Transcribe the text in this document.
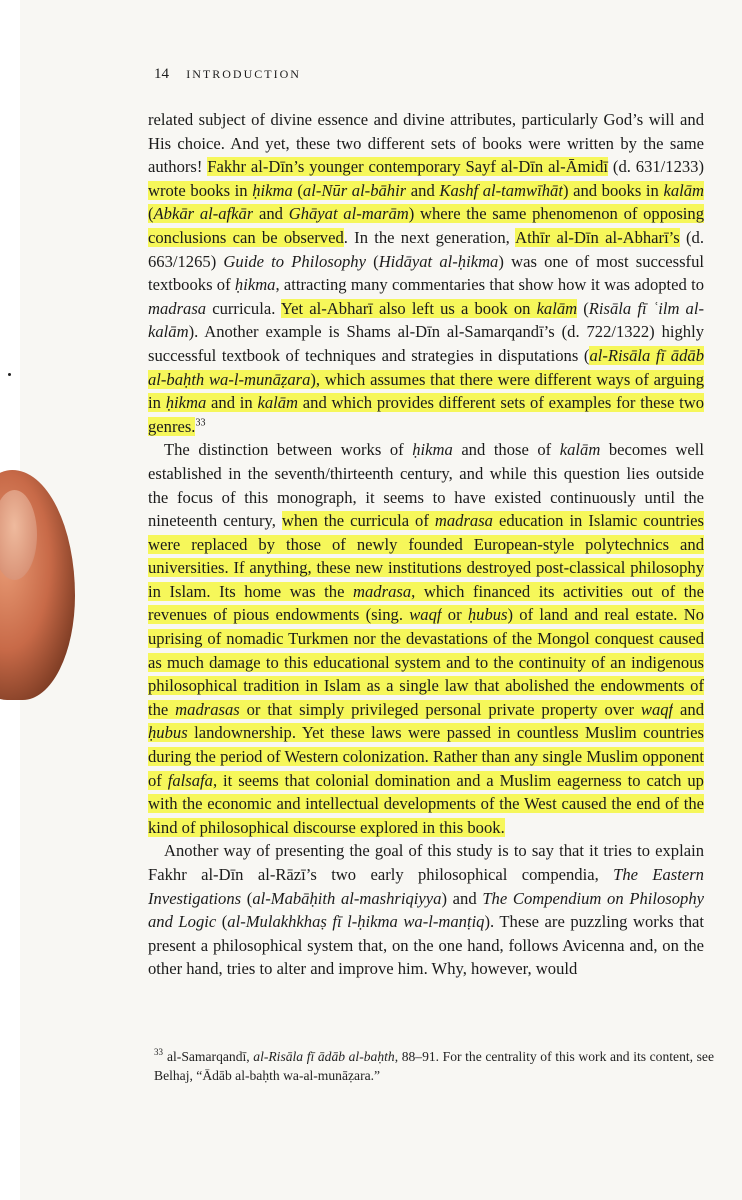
14 INTRODUCTION

related subject of divine essence and divine attributes, particularly God’s will and His choice. And yet, these two different sets of books were written by the same authors! Fakhr al-Dīn’s younger contemporary Sayf al-Dīn al-Āmidī (d. 631/1233) wrote books in ḥikma (al-Nūr al-bāhir and Kashf al-tamwīhāt) and books in kalām (Abkār al-afkār and Ghāyat al-marām) where the same phenomenon of opposing conclusions can be observed. In the next generation, Athīr al-Dīn al-Abharī’s (d. 663/1265) Guide to Philosophy (Hidāyat al-ḥikma) was one of most successful textbooks of ḥikma, attracting many commentaries that show how it was adopted to madrasa curricula. Yet al-Abharī also left us a book on kalām (Risāla fī ʿilm al-kalām). Another example is Shams al-Dīn al-Samarqandī’s (d. 722/1322) highly successful textbook of techniques and strategies in disputations (al-Risāla fī ādāb al-baḥth wa-l-munāẓara), which assumes that there were different ways of arguing in ḥikma and in kalām and which provides different sets of examples for these two genres.$^{33}$

The distinction between works of ḥikma and those of kalām becomes well established in the seventh/thirteenth century, and while this question lies outside the focus of this monograph, it seems to have existed continuously until the nineteenth century, when the curricula of madrasa education in Islamic countries were replaced by those of newly founded European-style polytechnics and universities. If anything, these new institutions destroyed post-classical philosophy in Islam. Its home was the madrasa, which financed its activities out of the revenues of pious endowments (sing. waqf or ḥubus) of land and real estate. No uprising of nomadic Turkmen nor the devastations of the Mongol conquest caused as much damage to this educational system and to the continuity of an indigenous philosophical tradition in Islam as a single law that abolished the endowments of the madrasas or that simply privileged personal private property over waqf and ḥubus landownership. Yet these laws were passed in countless Muslim countries during the period of Western colonization. Rather than any single Muslim opponent of falsafa, it seems that colonial domination and a Muslim eagerness to catch up with the economic and intellectual developments of the West caused the end of the kind of philosophical discourse explored in this book.

Another way of presenting the goal of this study is to say that it tries to explain Fakhr al-Dīn al-Rāzī’s two early philosophical compendia, The Eastern Investigations (al-Mabāḥith al-mashriqiyya) and The Compendium on Philosophy and Logic (al-Mulakhkhaṣ fī l-ḥikma wa-l-manṭiq). These are puzzling works that present a philosophical system that, on the one hand, follows Avicenna and, on the other hand, tries to alter and improve him. Why, however, would

$^{33}$ al-Samarqandī, al-Risāla fī ādāb al-baḥth, 88–91. For the centrality of this work and its content, see Belhaj, “Ādāb al-baḥth wa-al-munāẓara.”
